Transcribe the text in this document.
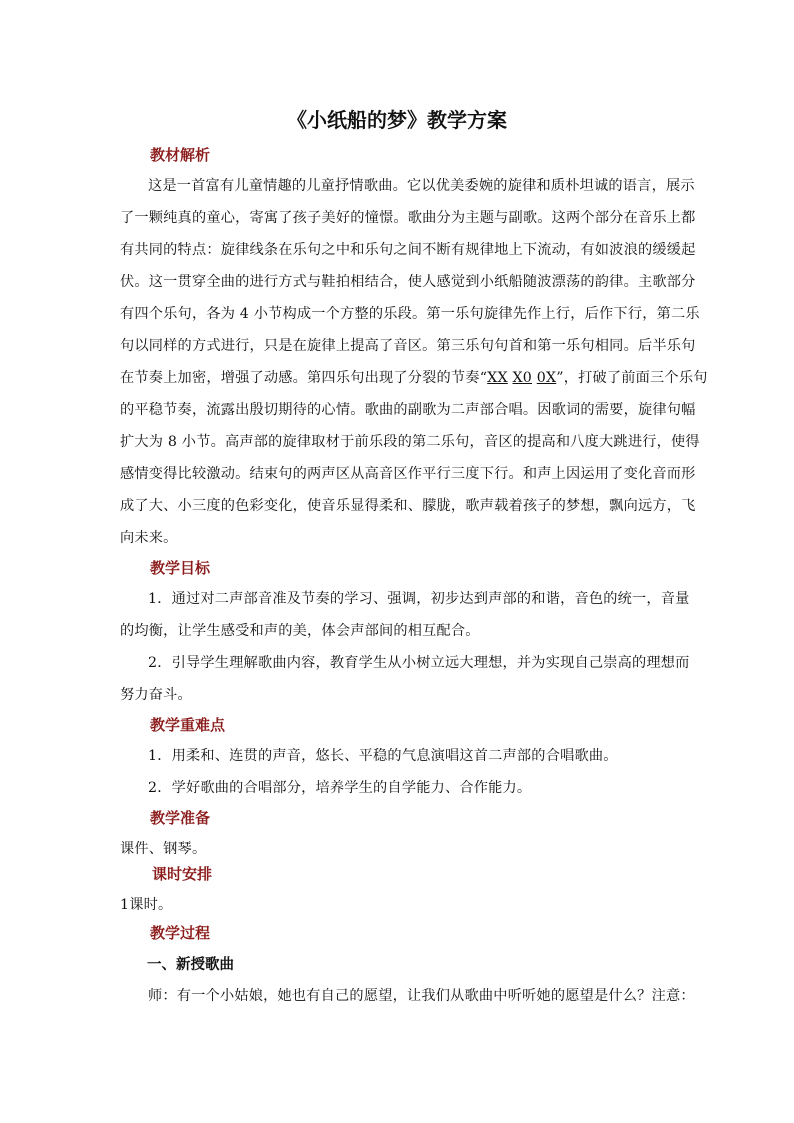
《小纸船的梦》教学方案
教材解析
这是一首富有儿童情趣的儿童抒情歌曲。它以优美委婉的旋律和质朴坦诚的语言，展示
了一颗纯真的童心，寄寓了孩子美好的憧憬。歌曲分为主题与副歌。这两个部分在音乐上都
有共同的特点：旋律线条在乐句之中和乐句之间不断有规律地上下流动，有如波浪的缓缓起
伏。这一贯穿全曲的进行方式与鞋拍相结合，使人感觉到小纸船随波漂荡的韵律。主歌部分
有四个乐句，各为 4 小节构成一个方整的乐段。第一乐句旋律先作上行，后作下行，第二乐
句以同样的方式进行，只是在旋律上提高了音区。第三乐句句首和第一乐句相同。后半乐句
在节奏上加密，增强了动感。第四乐句出现了分裂的节奏“XX X0 0X”，打破了前面三个乐句
的平稳节奏，流露出殷切期待的心情。歌曲的副歌为二声部合唱。因歌词的需要，旋律句幅
扩大为 8 小节。高声部的旋律取材于前乐段的第二乐句，音区的提高和八度大跳进行，使得
感情变得比较激动。结束句的两声区从高音区作平行三度下行。和声上因运用了变化音而形
成了大、小三度的色彩变化，使音乐显得柔和、朦胧，歌声载着孩子的梦想，飘向远方，飞
向未来。
教学目标
1．通过对二声部音准及节奏的学习、强调，初步达到声部的和谐，音色的统一，音量
的均衡，让学生感受和声的美，体会声部间的相互配合。
2．引导学生理解歌曲内容，教育学生从小树立远大理想，并为实现自己崇高的理想而
努力奋斗。
教学重难点
1．用柔和、连贯的声音，悠长、平稳的气息演唱这首二声部的合唱歌曲。
2．学好歌曲的合唱部分，培养学生的自学能力、合作能力。
教学准备
课件、钢琴。
课时安排
1课时。
教学过程
一、新授歌曲
师：有一个小姑娘，她也有自己的愿望，让我们从歌曲中听听她的愿望是什么？注意：
